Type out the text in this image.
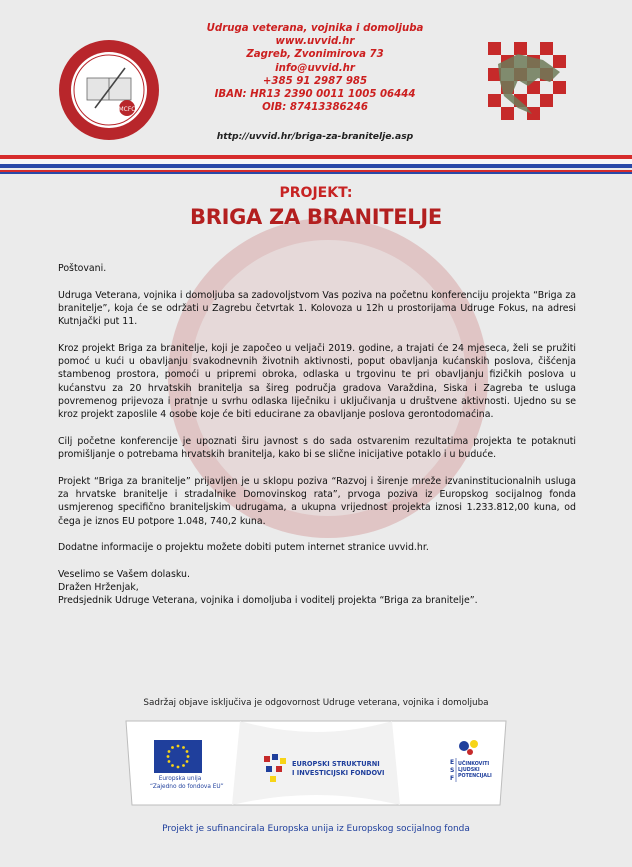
MCFC
Udruga veterana, vojnika i domoljuba
www.uvvid.hr
Zagreb, Zvonimirova 73
info@uvvid.hr
+385 91 2987 985
IBAN: HR13 2390 0011 1005 06444
OIB: 87413386246
http://uvvid.hr/briga-za-branitelje.asp
PROJEKT:
BRIGA ZA BRANITELJE

Poštovani.

Udruga Veterana, vojnika i domoljuba sa zadovoljstvom Vas poziva na početnu konferenciju projekta “Briga za branitelje”, koja će se održati u Zagrebu četvrtak 1. Kolovoza u 12h u prostorijama Udruge Fokus, na adresi Kutnjački put 11.

Kroz projekt Briga za branitelje, koji je započeo u veljači 2019. godine, a trajati će 24 mjeseca, želi se pružiti pomoć u kući u obavljanju svakodnevnih životnih aktivnosti, poput obavljanja kućanskih poslova, čišćenja stambenog prostora, pomoći u pripremi obroka, odlaska u trgovinu te pri obavljanju fizičkih poslova u kućanstvu za 20 hrvatskih branitelja sa šireg područja gradova Varaždina, Siska i Zagreba te usluga povremenog prijevoza i pratnje u svrhu odlaska liječniku i uključivanja u društvene aktivnosti. Ujedno su se kroz projekt zaposlile 4 osobe koje će biti educirane za obavljanje poslova gerontodomaćina.

Cilj početne konferencije je upoznati širu javnost s do sada ostvarenim rezultatima projekta te potaknuti promišljanje o potrebama hrvatskih branitelja, kako bi se slične inicijative potaklo i u buduće.

Projekt “Briga za branitelje” prijavljen je u sklopu poziva “Razvoj i širenje mreže izvaninstitucionalnih usluga za hrvatske branitelje i stradalnike Domovinskog rata”, prvoga poziva iz Europskog socijalnog fonda usmjerenog specifično braniteljskim udrugama, a ukupna vrijednost projekta iznosi 1.233.812,00 kuna, od čega je iznos EU potpore 1.048, 740,2 kuna.

Dodatne informacije o projektu možete dobiti putem internet stranice uvvid.hr.

Veselimo se Vašem dolasku.

Dražen Hrženjak,

Predsjednik Udruge Veterana, vojnika i domoljuba i voditelj projekta “Briga za branitelje”.

Sadržaj objave isključiva je odgovornost Udruge veterana, vojnika i domoljuba
Europska unija
“Zajedno do fondova EU”
EUROPSKI STRUKTURNI
I INVESTICIJSKI FONDOVI
E
S
F
UČINKOVITI
LJUDSKI
POTENCIJALI
Projekt je sufinancirala Europska unija iz Europskog socijalnog fonda
